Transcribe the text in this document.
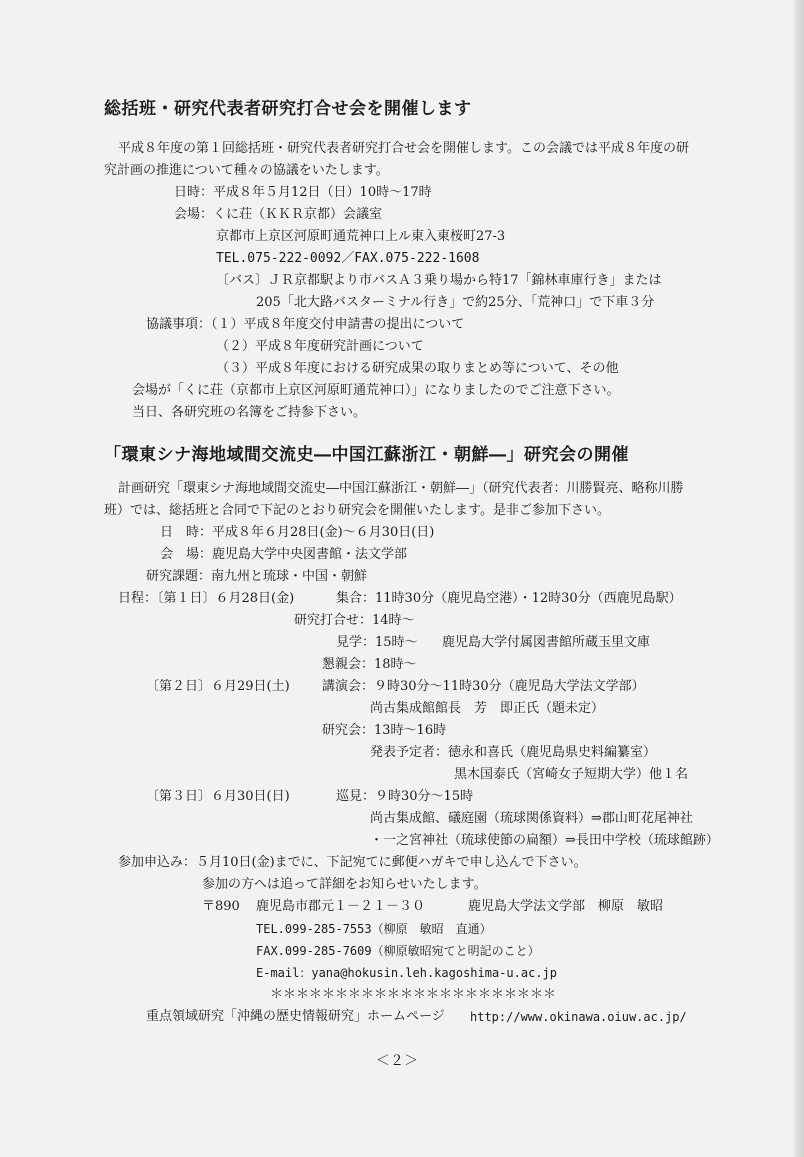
総括班・研究代表者研究打合せ会を開催します
平成８年度の第１回総括班・研究代表者研究打合せ会を開催します。この会議では平成８年度の研
究計画の推進について種々の協議をいたします。
日時：平成８年５月12日（日）10時～17時
会場：くに荘（ＫＫＲ京都）会議室
京都市上京区河原町通荒神口上ル東入東桜町27-3
TEL.075-222-0092／FAX.075-222-1608
〔バス〕ＪＲ京都駅より市バスＡ３乗り場から特17「錦林車庫行き」または
205「北大路バスターミナル行き」で約25分、「荒神口」で下車３分
協議事項：（１）平成８年度交付申請書の提出について
（２）平成８年度研究計画について
（３）平成８年度における研究成果の取りまとめ等について、その他
会場が「くに荘（京都市上京区河原町通荒神口）」になりましたのでご注意下さい。
当日、各研究班の名簿をご持参下さい。
「環東シナ海地域間交流史―中国江蘇浙江・朝鮮―」研究会の開催
計画研究「環東シナ海地域間交流史―中国江蘇浙江・朝鮮―」（研究代表者：川勝賢亮、略称川勝
班）では、総括班と合同で下記のとおり研究会を開催いたします。是非ご参加下さい。
日　時：平成８年６月28日(金)～６月30日(日)
会　場：鹿児島大学中央図書館・法文学部
研究課題：南九州と琉球・中国・朝鮮
日程：〔第１日〕６月28日(金)	集合：11時30分（鹿児島空港）・12時30分（西鹿児島駅）
研究打合せ：14時～
見学：15時～ 鹿児島大学付属図書館所蔵玉里文庫
懇親会：18時～
〔第２日〕６月29日(土) 講演会：９時30分～11時30分（鹿児島大学法文学部）
尚古集成館館長　芳　即正氏（題未定）
研究会：13時～16時
発表予定者：徳永和喜氏（鹿児島県史料編纂室）
黒木国泰氏（宮崎女子短期大学）他１名
〔第３日〕６月30日(日)	巡見：９時30分～15時
尚古集成館、礒庭園（琉球関係資料）⇒郡山町花尾神社
・一之宮神社（琉球使節の扁額）⇒長田中学校（琉球館跡）
参加申込み：５月10日(金)までに、下記宛てに郵便ハガキで申し込んで下さい。
参加の方へは追って詳細をお知らせいたします。
〒890 鹿児島市郡元１－２１－３０	鹿児島大学法文学部　柳原　敏昭
TEL.099-285-7553（柳原　敏昭　直通）
FAX.099-285-7609（柳原敏昭宛てと明記のこと）
E-mail：yana@hokusin.leh.kagoshima-u.ac.jp
＊＊＊＊＊＊＊＊＊＊＊＊＊＊＊＊＊＊＊＊＊＊
重点領域研究「沖縄の歴史情報研究」ホームページ http://www.okinawa.oiuw.ac.jp/
＜２＞
